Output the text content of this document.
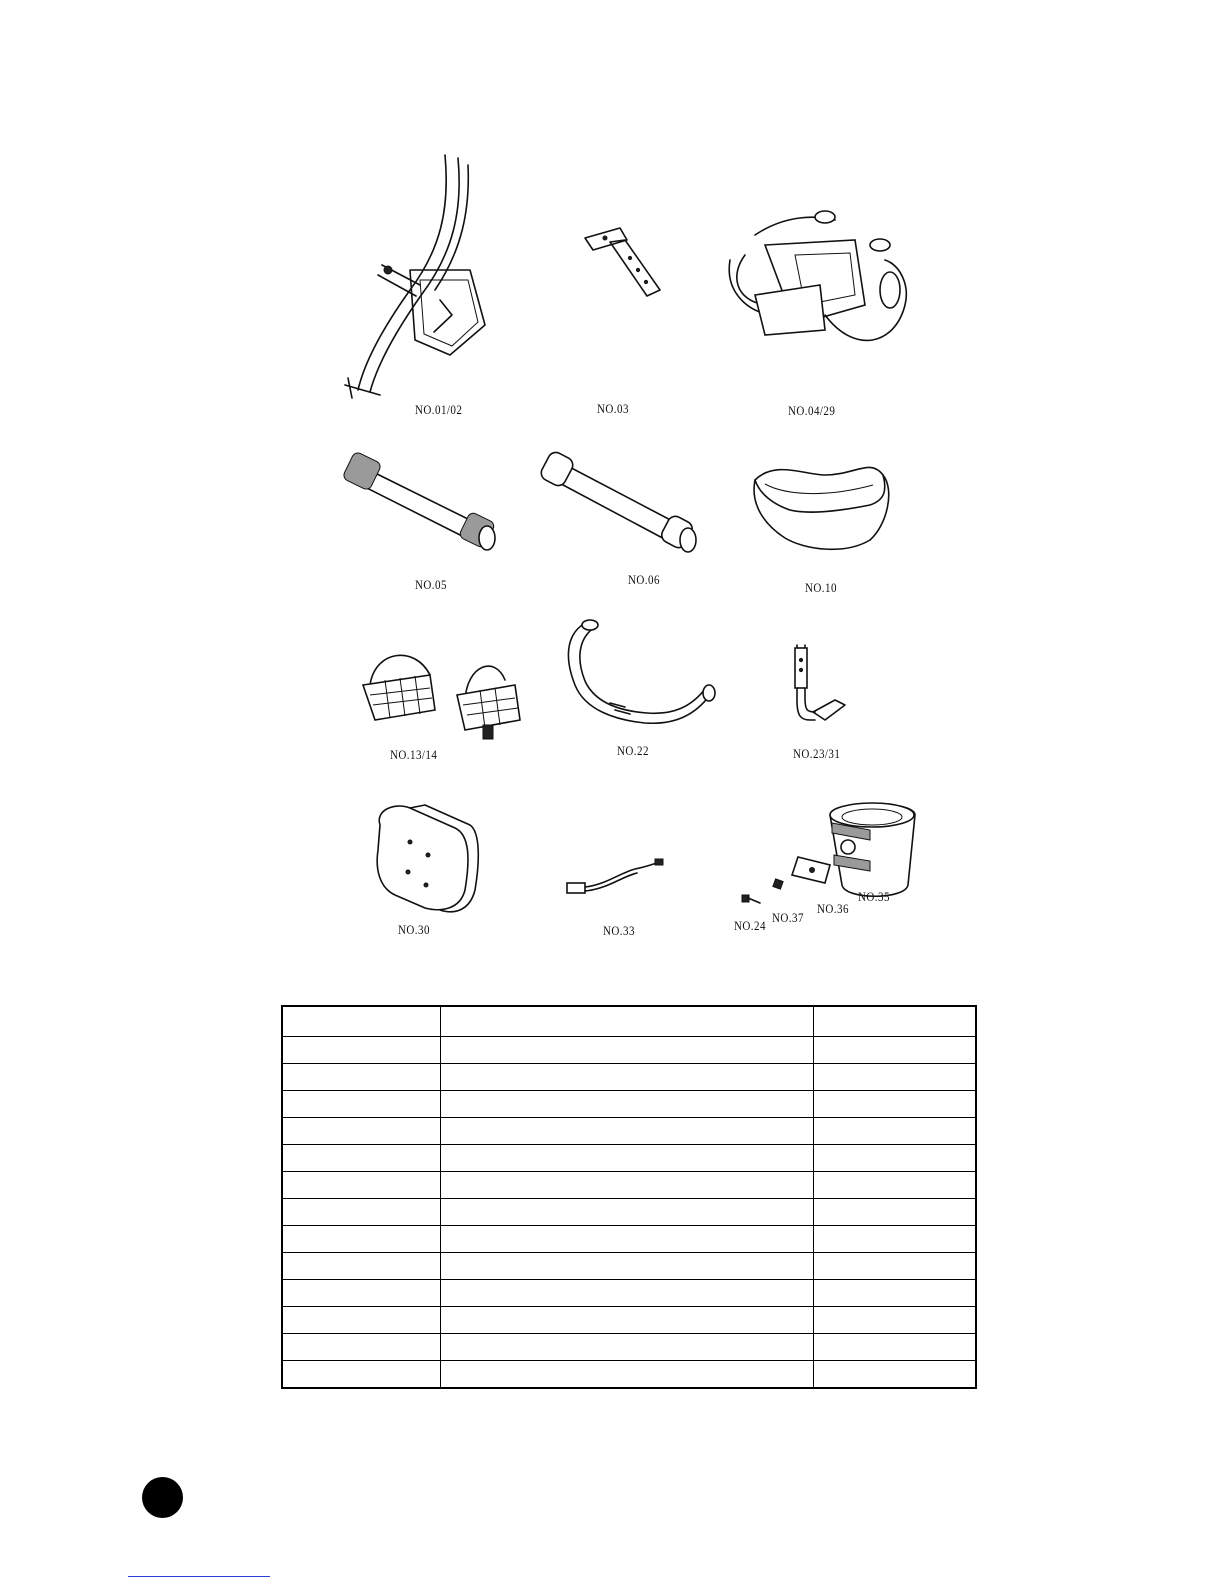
NO.01/02	NO.03	NO.04/29
NO.05	NO.06
NO.10
NO.13/14	NO.22	NO.23/31
NO.30	NO.33	NO.24
NO.37
NO.36
NO.35
